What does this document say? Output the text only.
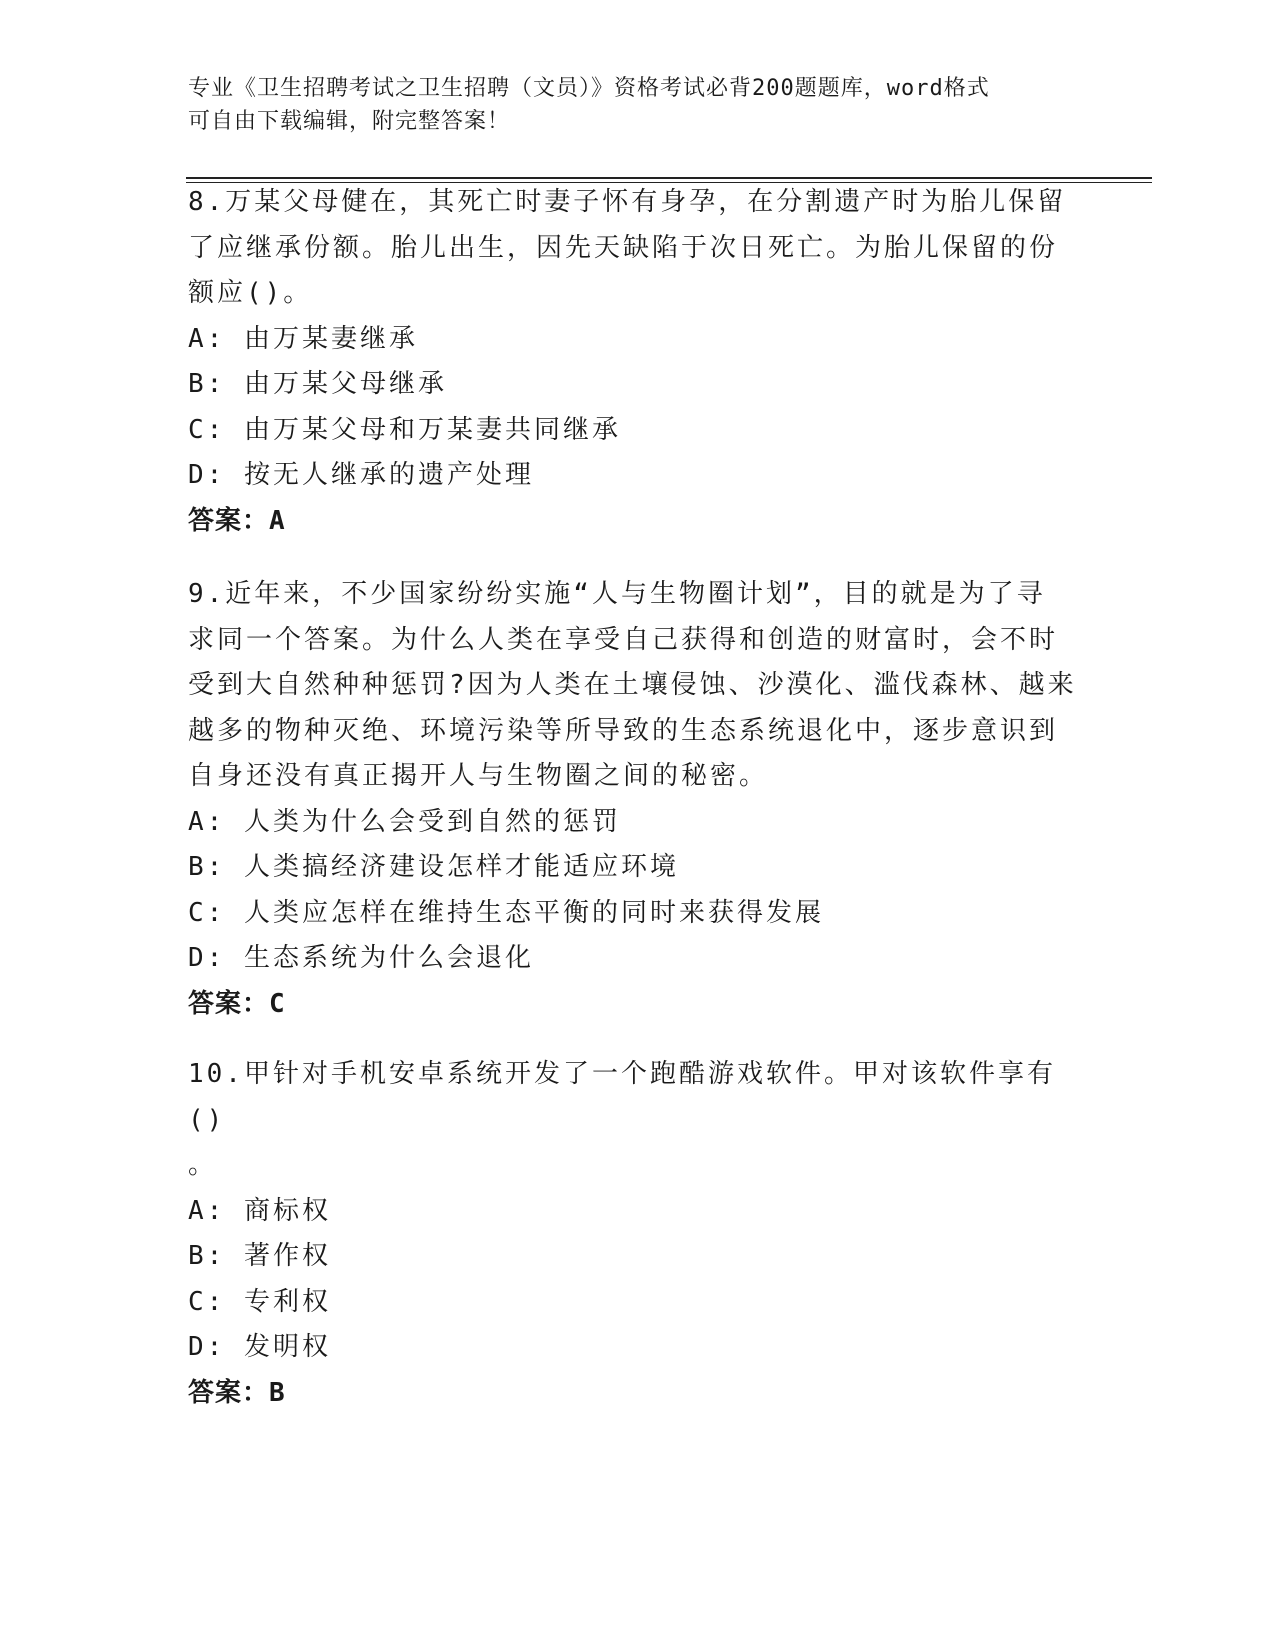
专业《卫生招聘考试之卫生招聘（文员）》资格考试必背200题题库，word格式
可自由下载编辑，附完整答案！
8.万某父母健在，其死亡时妻子怀有身孕，在分割遗产时为胎儿保留
了应继承份额。胎儿出生，因先天缺陷于次日死亡。为胎儿保留的份
额应()。
A: 由万某妻继承
B: 由万某父母继承
C: 由万某父母和万某妻共同继承
D: 按无人继承的遗产处理
答案：A
9.近年来，不少国家纷纷实施“人与生物圈计划”，目的就是为了寻
求同一个答案。为什么人类在享受自己获得和创造的财富时，会不时
受到大自然种种惩罚?因为人类在土壤侵蚀、沙漠化、滥伐森林、越来
越多的物种灭绝、环境污染等所导致的生态系统退化中，逐步意识到
自身还没有真正揭开人与生物圈之间的秘密。
A: 人类为什么会受到自然的惩罚
B: 人类搞经济建设怎样才能适应环境
C: 人类应怎样在维持生态平衡的同时来获得发展
D: 生态系统为什么会退化
答案：C
10.甲针对手机安卓系统开发了一个跑酷游戏软件。甲对该软件享有()
。
A: 商标权
B: 著作权
C: 专利权
D: 发明权
答案：B
